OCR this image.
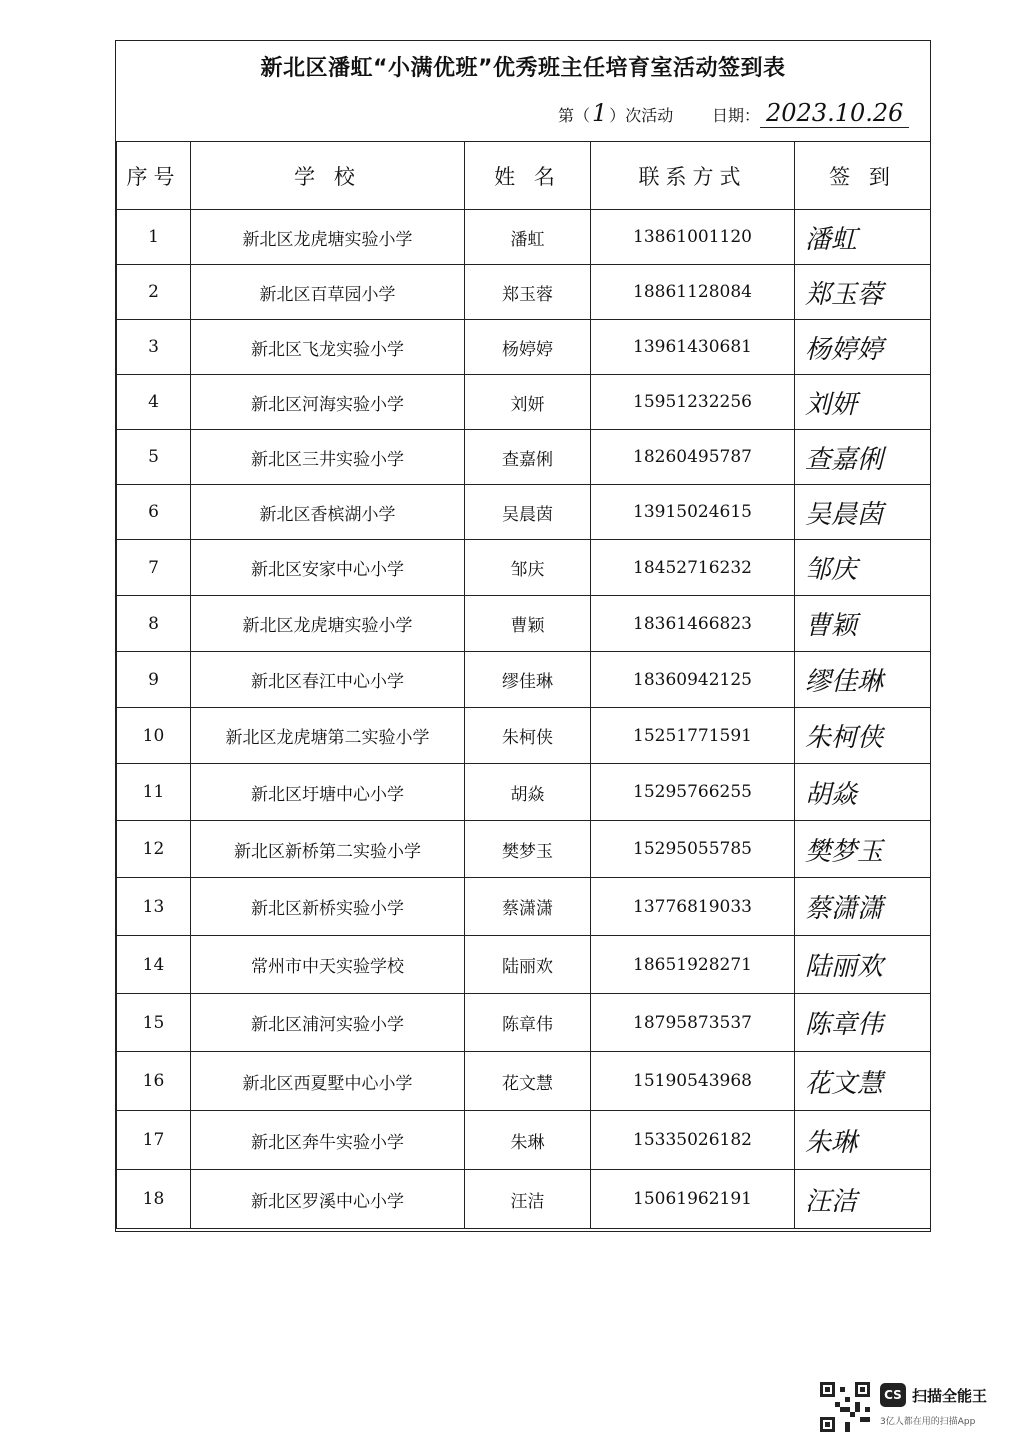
新北区潘虹“小满优班”优秀班主任培育室活动签到表
第（1 ）次活动 日期： 2023.10.26
序号	学 校	姓 名	联系方式	签 到
1	新北区龙虎塘实验小学	潘虹	13861001120	潘虹
2	新北区百草园小学	郑玉蓉	18861128084	郑玉蓉
3	新北区飞龙实验小学	杨婷婷	13961430681	杨婷婷
4	新北区河海实验小学	刘妍	15951232256	刘妍
5	新北区三井实验小学	查嘉俐	18260495787	查嘉俐
6	新北区香槟湖小学	吴晨茵	13915024615	吴晨茵
7	新北区安家中心小学	邹庆	18452716232	邹庆
8	新北区龙虎塘实验小学	曹颖	18361466823	曹颖
9	新北区春江中心小学	缪佳琳	18360942125	缪佳琳
10	新北区龙虎塘第二实验小学	朱柯侠	15251771591	朱柯侠
11	新北区圩塘中心小学	胡焱	15295766255	胡焱
12	新北区新桥第二实验小学	樊梦玉	15295055785	樊梦玉
13	新北区新桥实验小学	蔡潇潇	13776819033	蔡潇潇
14	常州市中天实验学校	陆丽欢	18651928271	陆丽欢
15	新北区浦河实验小学	陈章伟	18795873537	陈章伟
16	新北区西夏墅中心小学	花文慧	15190543968	花文慧
17	新北区奔牛实验小学	朱琳	15335026182	朱琳
18	新北区罗溪中心小学	汪洁	15061962191	汪洁
CS 扫描全能王
3亿人都在用的扫描App
